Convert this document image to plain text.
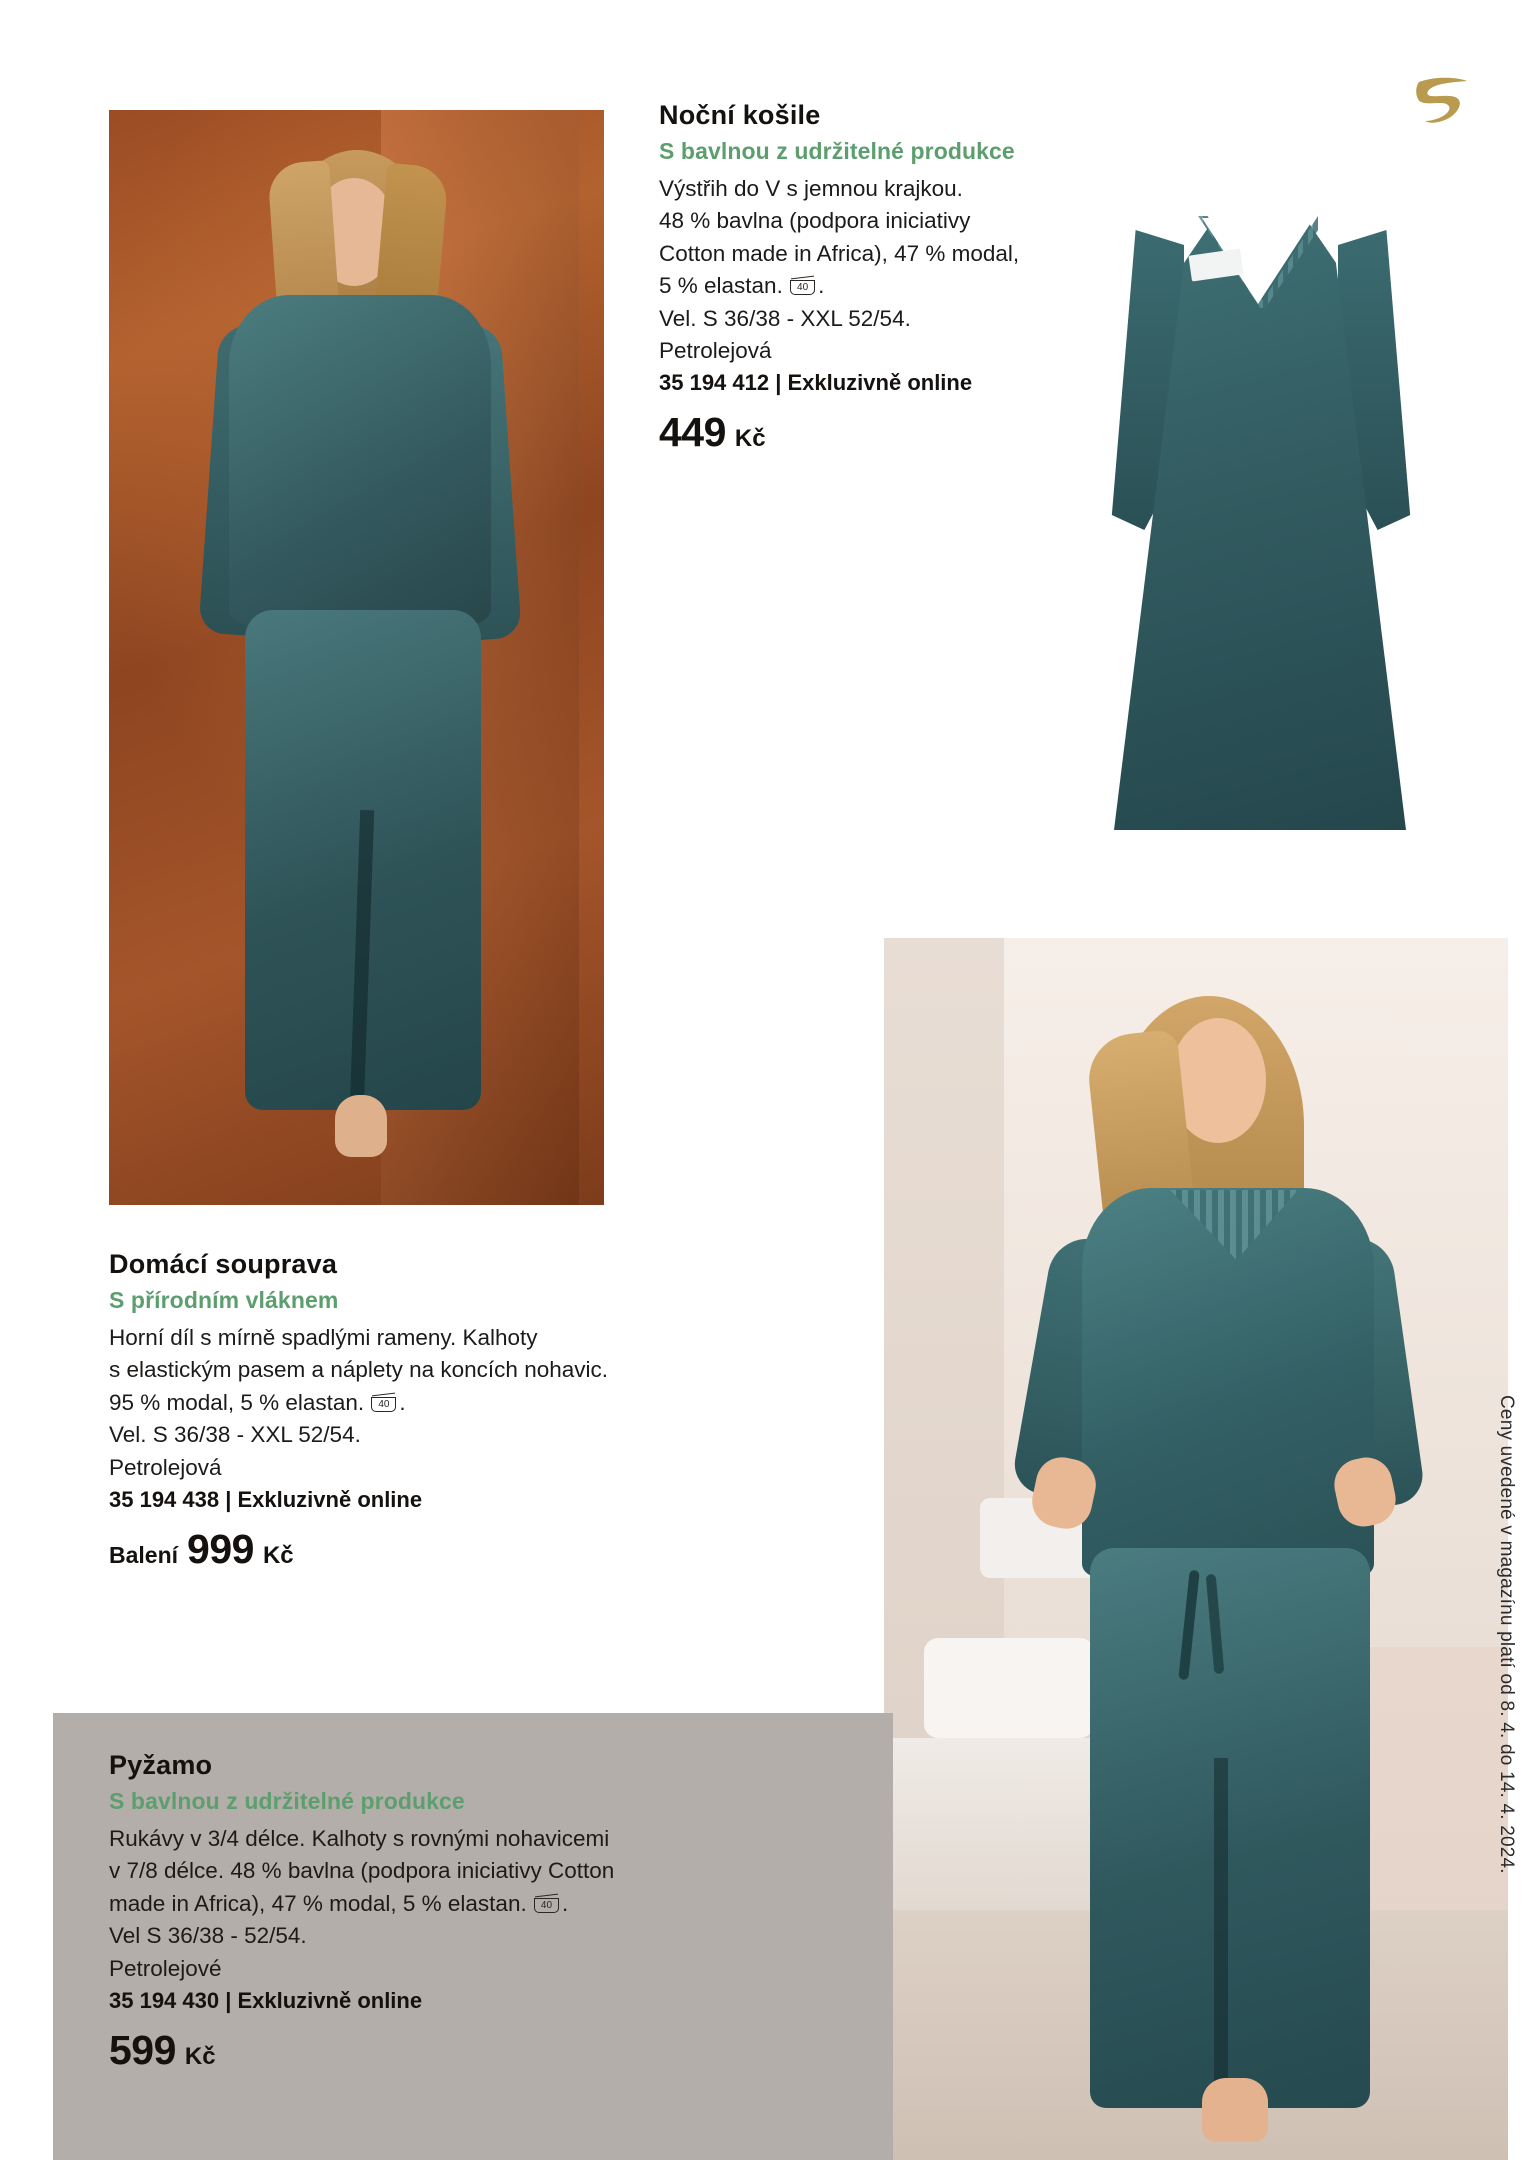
Noční košile
S bavlnou z udržitelné produkce
Výstřih do V s jemnou krajkou.
48 % bavlna (podpora iniciativy
Cotton made in Africa), 47 % modal,
5 % elastan.	40 .
Vel. S 36/38 - XXL 52/54.
Petrolejová
35 194 412 | Exkluzivně online
449 Kč
Domácí souprava
S přírodním vláknem
Horní díl s mírně spadlými rameny. Kalhoty
s elastickým pasem a náplety na koncích nohavic.
95 % modal, 5 % elastan.	40 .
Vel. S 36/38 - XXL 52/54.
Petrolejová
35 194 438 | Exkluzivně online
Balení 999 Kč
Pyžamo
S bavlnou z udržitelné produkce
Rukávy v 3/4 délce. Kalhoty s rovnými nohavicemi
v 7/8 délce. 48 % bavlna (podpora iniciativy Cotton
made in Africa), 47 % modal, 5 % elastan.	40 .
Vel S 36/38 - 52/54.
Petrolejové
35 194 430 | Exkluzivně online
599 Kč
Ceny uvedené v magazínu platí od 8. 4. do 14. 4. 2024.
